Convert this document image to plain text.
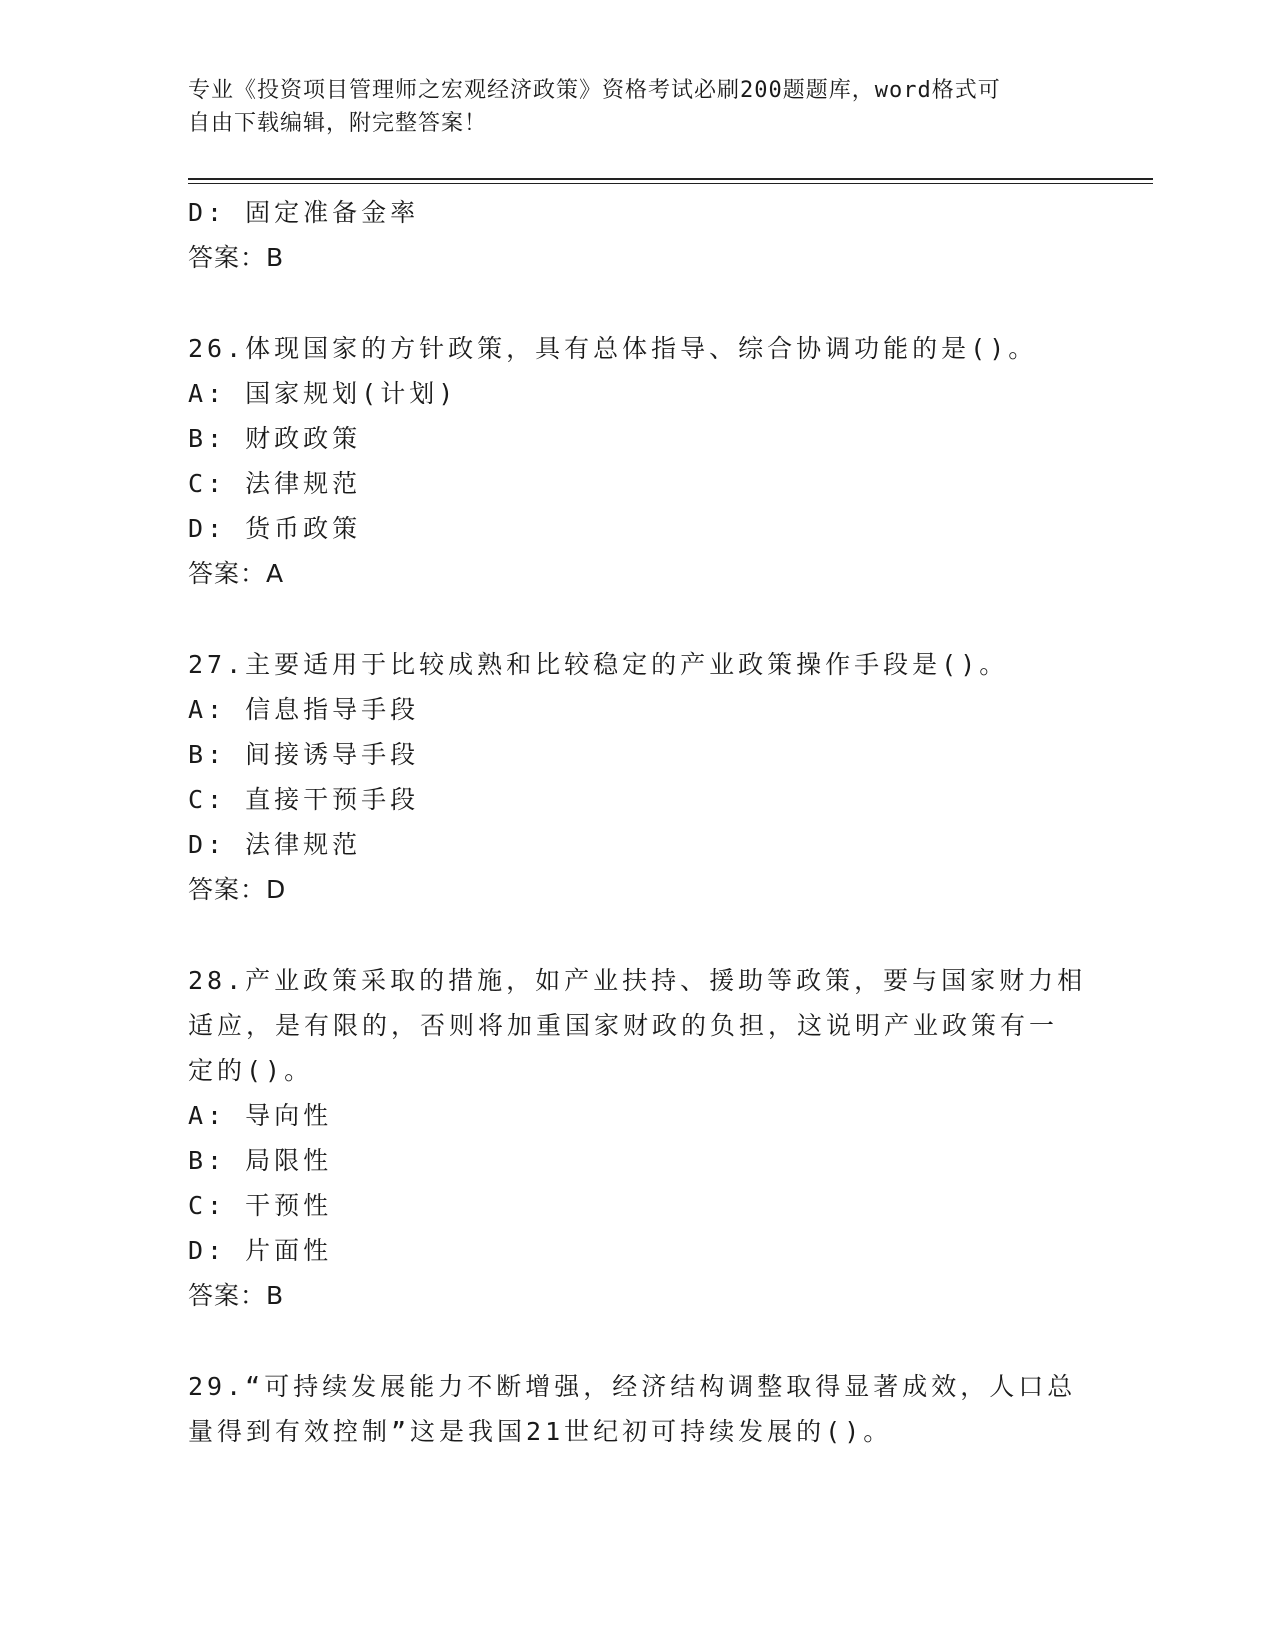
专业《投资项目管理师之宏观经济政策》资格考试必刷200题题库，word格式可
自由下载编辑，附完整答案！
D: 固定准备金率
答案：B
26.体现国家的方针政策，具有总体指导、综合协调功能的是()。
A: 国家规划(计划)
B: 财政政策
C: 法律规范
D: 货币政策
答案：A
27.主要适用于比较成熟和比较稳定的产业政策操作手段是()。
A: 信息指导手段
B: 间接诱导手段
C: 直接干预手段
D: 法律规范
答案：D
28.产业政策采取的措施，如产业扶持、援助等政策，要与国家财力相
适应，是有限的，否则将加重国家财政的负担，这说明产业政策有一
定的()。
A: 导向性
B: 局限性
C: 干预性
D: 片面性
答案：B
29.“可持续发展能力不断增强，经济结构调整取得显著成效，人口总
量得到有效控制”这是我国21世纪初可持续发展的()。
